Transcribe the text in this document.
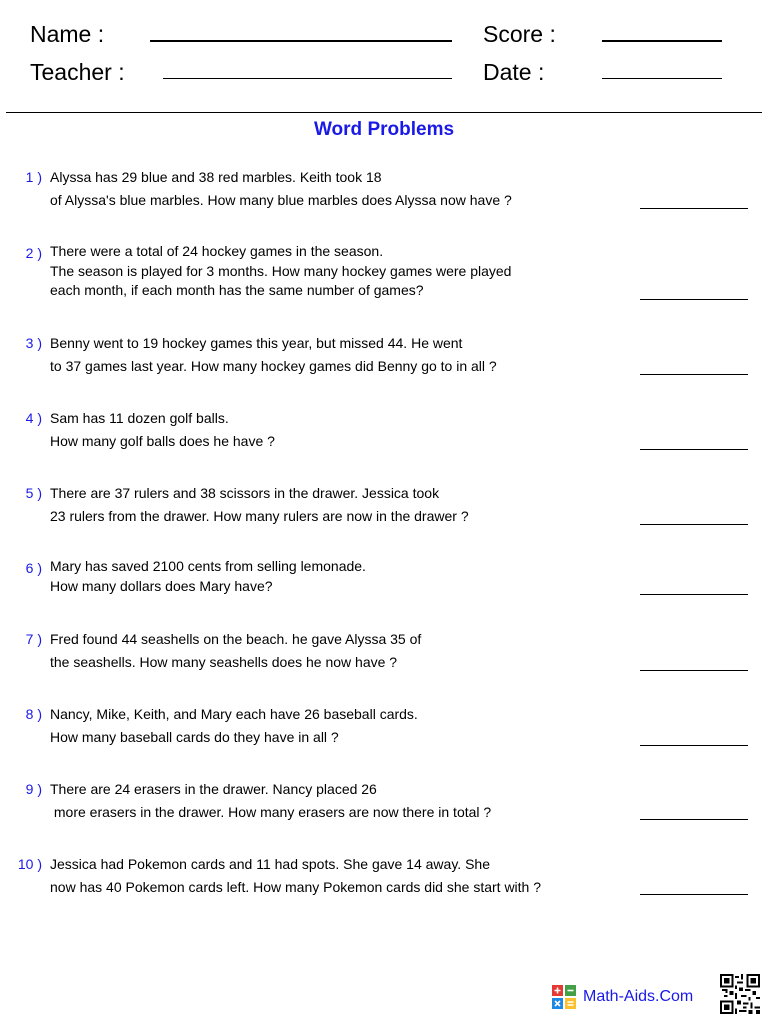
Name :
Teacher :
Score :
Date :
Word Problems
1 ) Alyssa has 29 blue and 38 red marbles. Keith took 18
of Alyssa's blue marbles. How many blue marbles does Alyssa now have ?
2 ) There were a total of 24 hockey games in the season.
The season is played for 3 months. How many hockey games were played
each month, if each month has the same number of games?
3 ) Benny went to 19 hockey games this year, but missed 44. He went
to 37 games last year. How many hockey games did Benny go to in all ?
4 ) Sam has 11 dozen golf balls.
How many golf balls does he have ?
5 ) There are 37 rulers and 38 scissors in the drawer. Jessica took
23 rulers from the drawer. How many rulers are now in the drawer ?
6 ) Mary has saved 2100 cents from selling lemonade.
How many dollars does Mary have?
7 ) Fred found 44 seashells on the beach. he gave Alyssa 35 of
the seashells. How many seashells does he now have ?
8 ) Nancy, Mike, Keith, and Mary each have 26 baseball cards.
How many baseball cards do they have in all ?
9 ) There are 24 erasers in the drawer. Nancy placed 26
more erasers in the drawer. How many erasers are now there in total ?
10 ) Jessica had Pokemon cards and 11 had spots. She gave 14 away. She
now has 40 Pokemon cards left. How many Pokemon cards did she start with ?
Math-Aids.Com
